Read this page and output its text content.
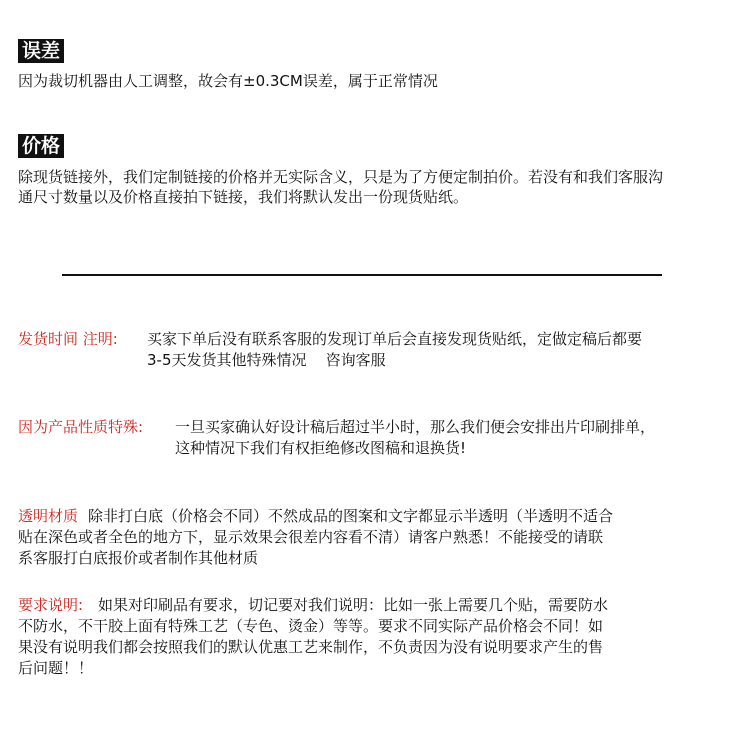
误差
因为裁切机器由人工调整，故会有±0.3CM误差，属于正常情况
价格
除现货链接外，我们定制链接的价格并无实际含义，只是为了方便定制拍价。若没有和我们客服沟
通尺寸数量以及价格直接拍下链接，我们将默认发出一份现货贴纸。
发货时间 注明: 买家下单后没有联系客服的发现订单后会直接发现货贴纸，定做定稿后都要
3-5天发货其他特殊情况    咨询客服
因为产品性质特殊: 一旦买家确认好设计稿后超过半小时，那么我们便会安排出片印刷排单，
这种情况下我们有权拒绝修改图稿和退换货!
透明材质 除非打白底（价格会不同）不然成品的图案和文字都显示半透明（半透明不适合
贴在深色或者全色的地方下，显示效果会很差内容看不清）请客户熟悉！不能接受的请联
系客服打白底报价或者制作其他材质
要求说明: 如果对印刷品有要求，切记要对我们说明：比如一张上需要几个贴，需要防水
不防水，不干胶上面有特殊工艺（专色、烫金）等等。要求不同实际产品价格会不同！如
果没有说明我们都会按照我们的默认优惠工艺来制作，不负责因为没有说明要求产生的售
后问题！！
